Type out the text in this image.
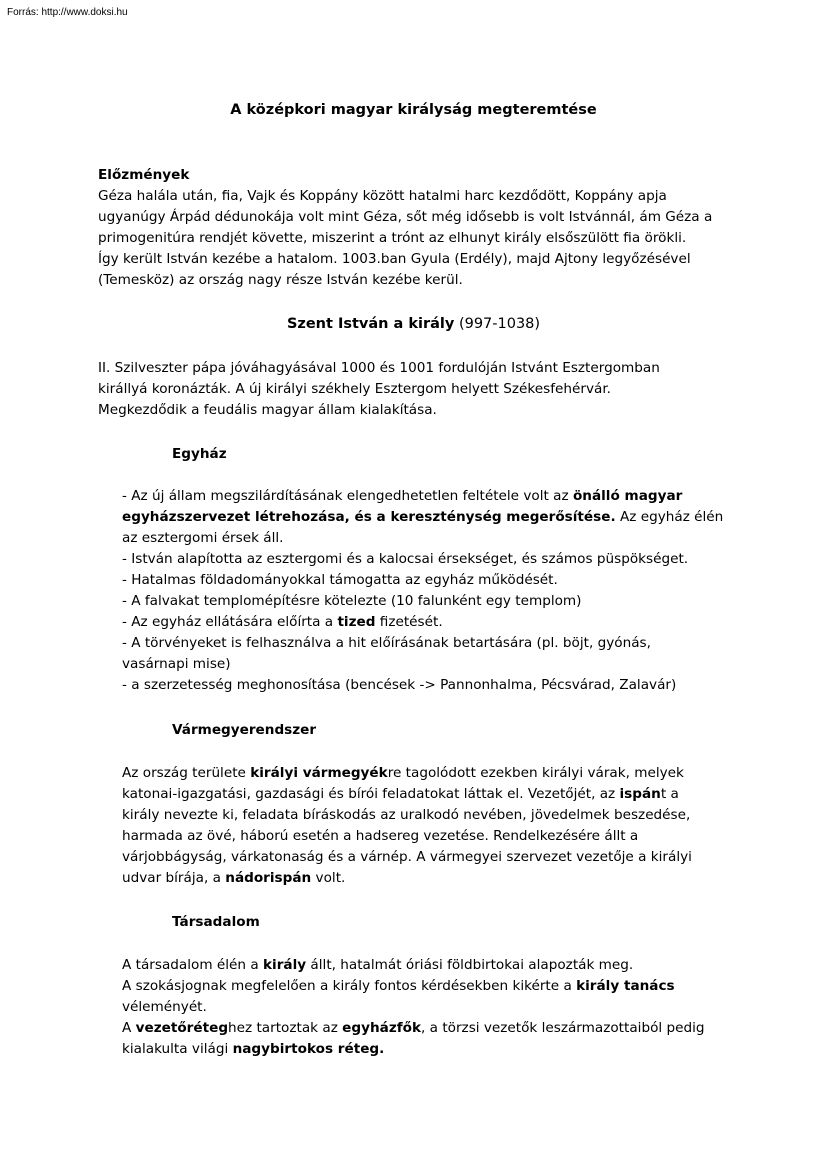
Forrás: http://www.doksi.hu
A középkori magyar királyság megteremtése

Előzmények

Géza halála után, fia, Vajk és Koppány között hatalmi harc kezdődött, Koppány apja

ugyanúgy Árpád dédunokája volt mint Géza, sőt még idősebb is volt Istvánnál, ám Géza a

primogenitúra rendjét követte, miszerint a trónt az elhunyt király elsőszülött fia örökli.

Így került István kezébe a hatalom. 1003.ban Gyula (Erdély), majd Ajtony legyőzésével

(Temesköz) az ország nagy része István kezébe kerül.

Szent István a király (997-1038)

II. Szilveszter pápa jóváhagyásával 1000 és 1001 fordulóján Istvánt Esztergomban

királlyá koronázták. A új királyi székhely Esztergom helyett Székesfehérvár.

Megkezdődik a feudális magyar állam kialakítása.

Egyház

- Az új állam megszilárdításának elengedhetetlen feltétele volt az önálló magyar

egyházszervezet létrehozása, és a kereszténység megerősítése. Az egyház élén

az esztergomi érsek áll.

- István alapította az esztergomi és a kalocsai érsekséget, és számos püspökséget.

- Hatalmas földadományokkal támogatta az egyház működését.

- A falvakat templomépítésre kötelezte (10 falunként egy templom)

- Az egyház ellátására előírta a tized fizetését.

- A törvényeket is felhasználva a hit előírásának betartására (pl. böjt, gyónás,

vasárnapi mise)

- a szerzetesség meghonosítása (bencések -> Pannonhalma, Pécsvárad, Zalavár)

Vármegyerendszer

Az ország területe királyi vármegyékre tagolódott ezekben királyi várak, melyek

katonai-igazgatási, gazdasági és bírói feladatokat láttak el. Vezetőjét, az ispánt a

király nevezte ki, feladata bíráskodás az uralkodó nevében, jövedelmek beszedése,

harmada az övé, háború esetén a hadsereg vezetése. Rendelkezésére állt a

várjobbágyság, várkatonaság és a várnép. A vármegyei szervezet vezetője a királyi

udvar bírája, a nádorispán volt.

Társadalom

A társadalom élén a király állt, hatalmát óriási földbirtokai alapozták meg.

A szokásjognak megfelelően a király fontos kérdésekben kikérte a király tanács

véleményét.

A vezetőréteghez tartoztak az egyházfők, a törzsi vezetők leszármazottaiból pedig

kialakulta világi nagybirtokos réteg.
